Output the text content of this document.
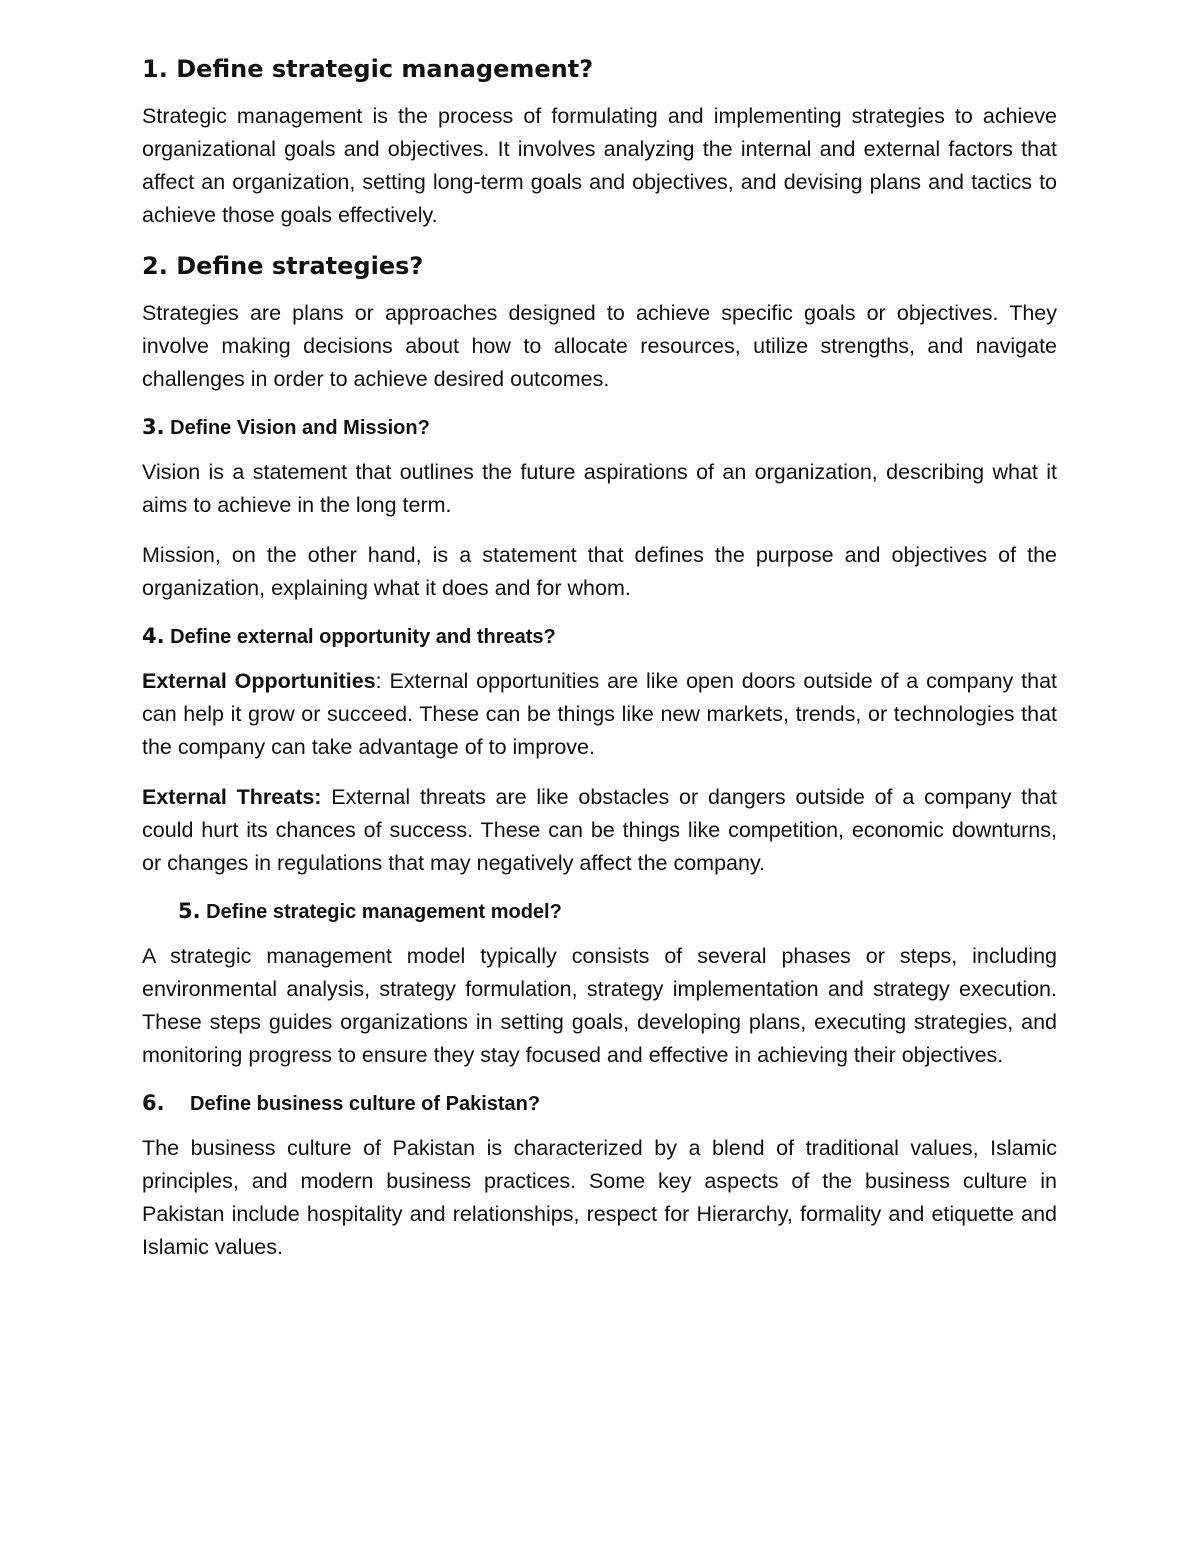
1. Define strategic management?

Strategic management is the process of formulating and implementing strategies to achieve organizational goals and objectives. It involves analyzing the internal and external factors that affect an organization, setting long-term goals and objectives, and devising plans and tactics to achieve those goals effectively.

2. Define strategies?

Strategies are plans or approaches designed to achieve specific goals or objectives. They involve making decisions about how to allocate resources, utilize strengths, and navigate challenges in order to achieve desired outcomes.

3. Define Vision and Mission?

Vision is a statement that outlines the future aspirations of an organization, describing what it aims to achieve in the long term.

Mission, on the other hand, is a statement that defines the purpose and objectives of the organization, explaining what it does and for whom.

4. Define external opportunity and threats?

External Opportunities: External opportunities are like open doors outside of a company that can help it grow or succeed. These can be things like new markets, trends, or technologies that the company can take advantage of to improve.

External Threats: External threats are like obstacles or dangers outside of a company that could hurt its chances of success. These can be things like competition, economic downturns, or changes in regulations that may negatively affect the company.

5. Define strategic management model?

A strategic management model typically consists of several phases or steps, including environmental analysis, strategy formulation, strategy implementation and strategy execution. These steps guides organizations in setting goals, developing plans, executing strategies, and monitoring progress to ensure they stay focused and effective in achieving their objectives.

6. Define business culture of Pakistan?

The business culture of Pakistan is characterized by a blend of traditional values, Islamic principles, and modern business practices. Some key aspects of the business culture in Pakistan include hospitality and relationships, respect for Hierarchy, formality and etiquette and Islamic values.
